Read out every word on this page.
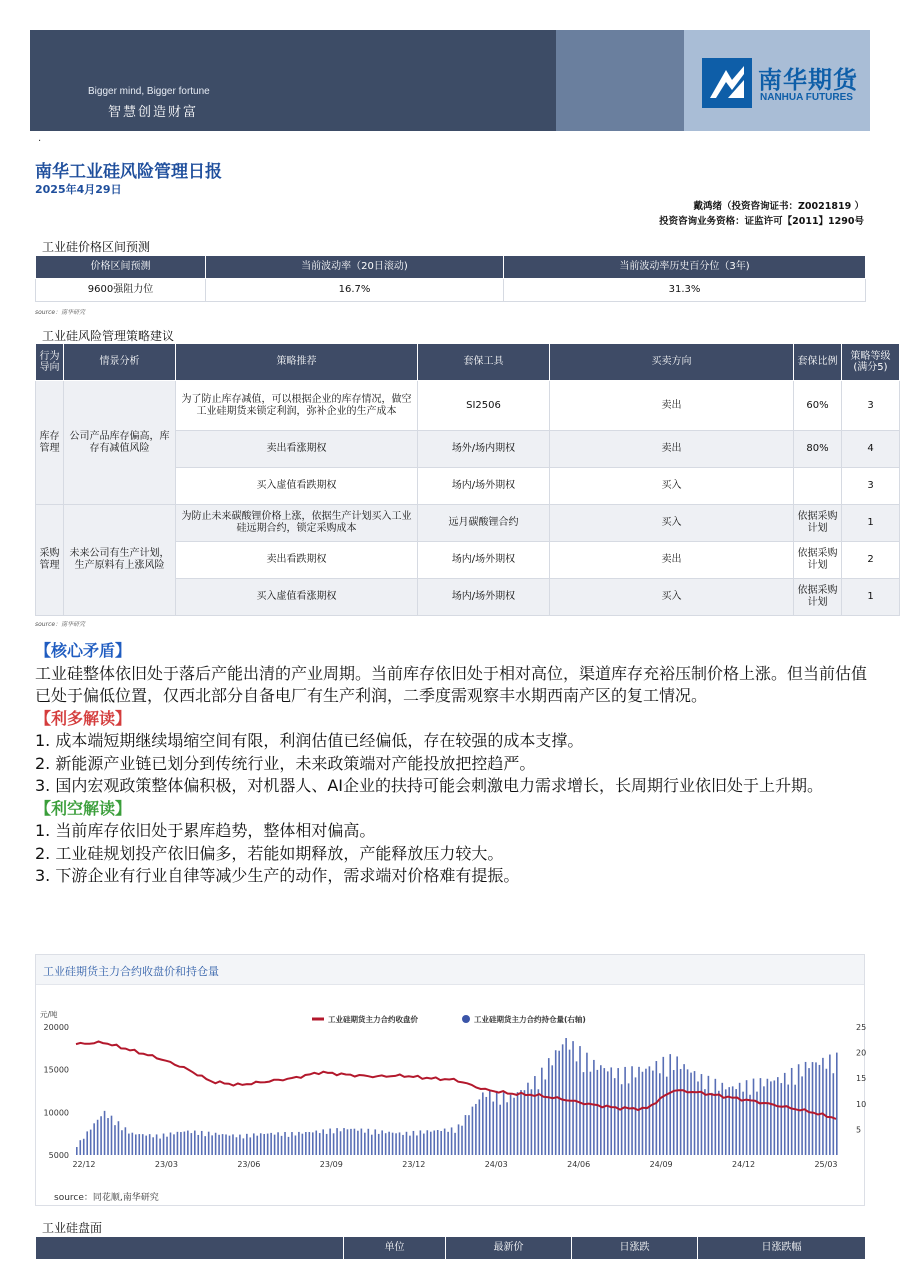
Bigger mind, Bigger fortune
智慧创造财富
南华期货
NANHUA FUTURES
.
南华工业硅风险管理日报
2025年4月29日
戴鸿绪（投资咨询证书：Z0021819 ）
投资咨询业务资格：证监许可【2011】1290号
工业硅价格区间预测
价格区间预测	当前波动率（20日滚动)	当前波动率历史百分位（3年)
9600强阻力位	16.7%	31.3%
source：南华研究
工业硅风险管理策略建议
行为导向	情景分析	策略推荐	套保工具	买卖方向	套保比例	策略等级(满分5)
库存管理	公司产品库存偏高，库存有减值风险	为了防止库存减值，可以根据企业的库存情况，做空工业硅期货来锁定利润，弥补企业的生产成本	SI2506	卖出	60%	3
		卖出看涨期权	场外/场内期权	卖出	80%	4
		买入虚值看跌期权	场内/场外期权	买入		3
采购管理	未来公司有生产计划，生产原料有上涨风险	为防止未来碳酸锂价格上涨，依据生产计划买入工业硅远期合约，锁定采购成本	远月碳酸锂合约	买入	依据采购计划	1
		卖出看跌期权	场内/场外期权	卖出	依据采购计划	2
		买入虚值看涨期权	场内/场外期权	买入	依据采购计划	1
source：南华研究
【核心矛盾】
工业硅整体依旧处于落后产能出清的产业周期。当前库存依旧处于相对高位，渠道库存充裕压制价格上涨。但当前估值已处于偏低位置，仅西北部分自备电厂有生产利润，二季度需观察丰水期西南产区的复工情况。
【利多解读】
1. 成本端短期继续塌缩空间有限，利润估值已经偏低，存在较强的成本支撑。
2. 新能源产业链已划分到传统行业，未来政策端对产能投放把控趋严。
3. 国内宏观政策整体偏积极，对机器人、AI企业的扶持可能会刺激电力需求增长，长周期行业依旧处于上升期。
【利空解读】
1. 当前库存依旧处于累库趋势，整体相对偏高。
2. 工业硅规划投产依旧偏多，若能如期释放，产能释放压力较大。
3. 下游企业有行业自律等减少生产的动作，需求端对价格难有提振。
工业硅期货主力合约收盘价和持仓量
元/吨
5000
10000
15000
20000	25
20
15
10
5
22/12	23/03	23/06	23/09	23/12	24/03	24/06	24/09	24/12	25/03
工业硅期货主力合约收盘价	工业硅期货主力合约持仓量(右轴)
source：同花顺,南华研究
工业硅盘面
	单位	最新价	日涨跌	日涨跌幅
